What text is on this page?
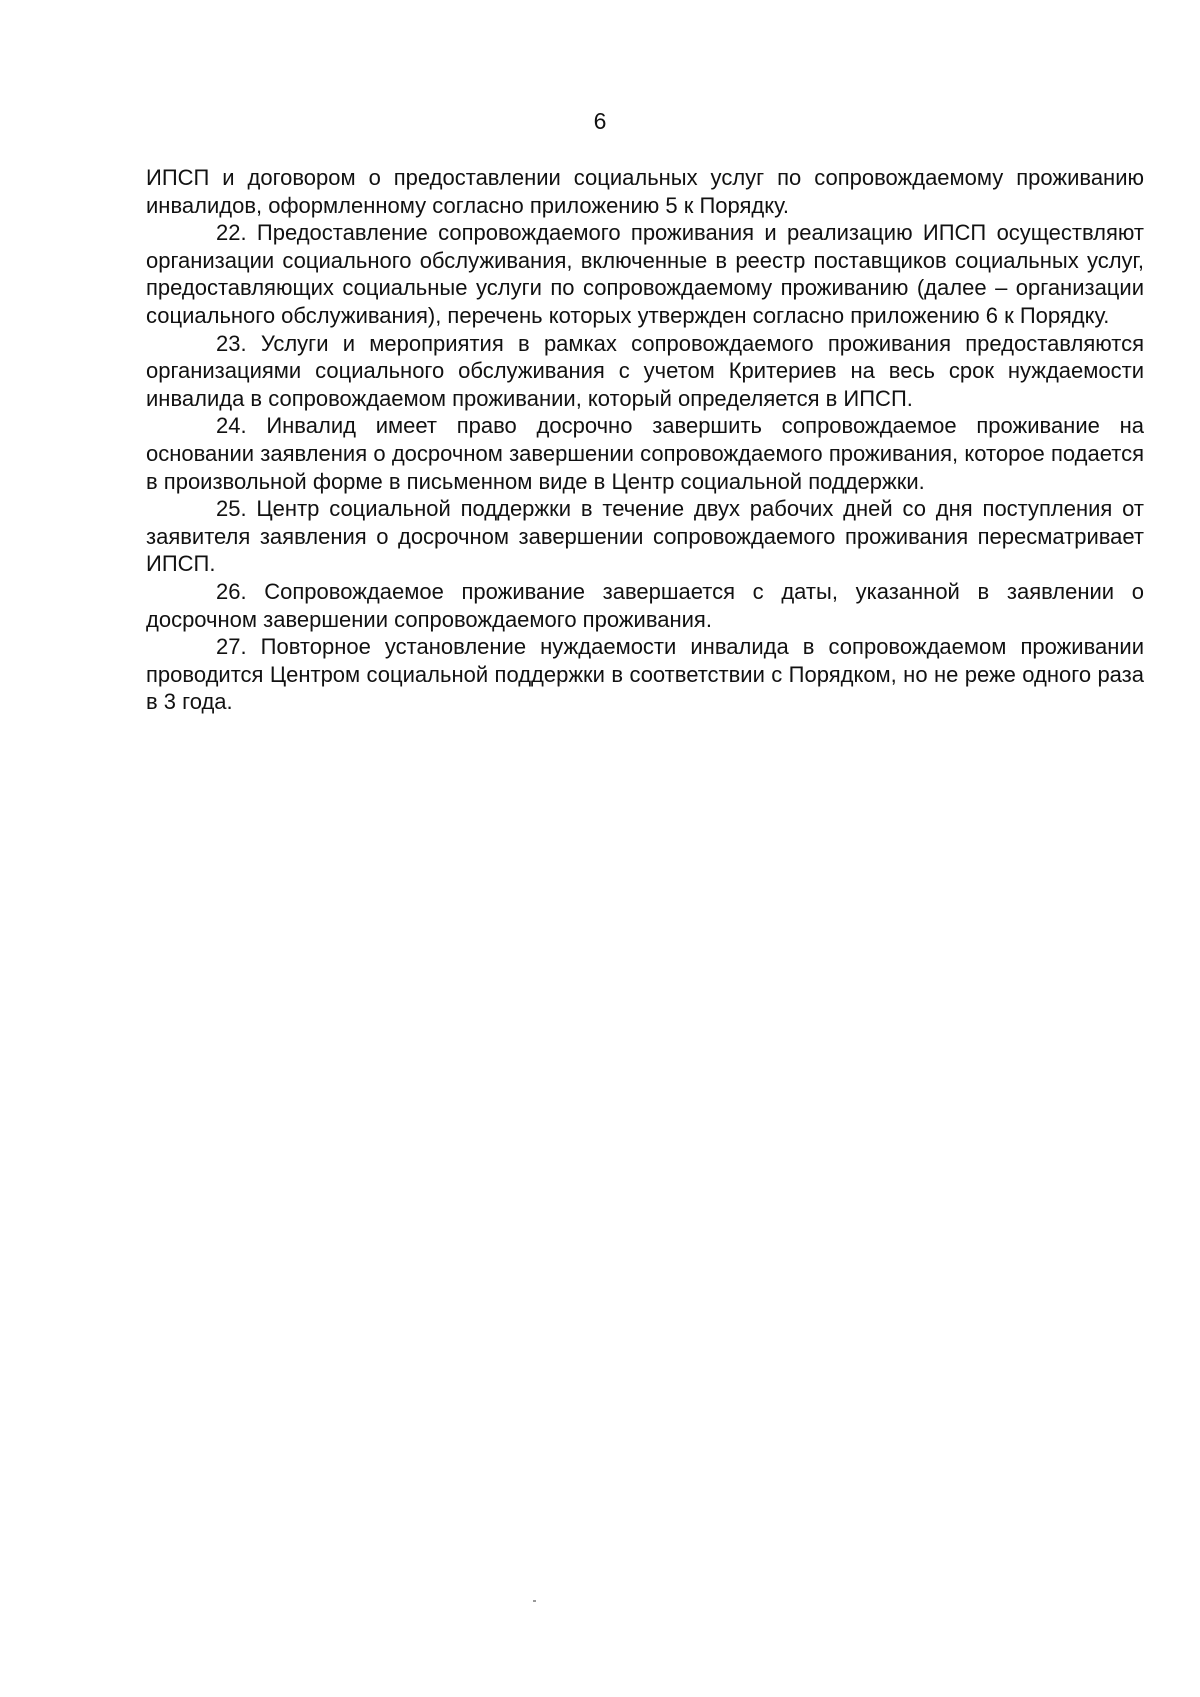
6

ИПСП и договором о предоставлении социальных услуг по сопровождаемому проживанию инвалидов, оформленному согласно приложению 5 к Порядку.

22. Предоставление сопровождаемого проживания и реализацию ИПСП осуществляют организации социального обслуживания, включенные в реестр поставщиков социальных услуг, предоставляющих социальные услуги по сопровождаемому проживанию (далее – организации социального обслуживания), перечень которых утвержден согласно приложению 6 к Порядку.

23. Услуги и мероприятия в рамках сопровождаемого проживания предоставляются организациями социального обслуживания с учетом Критериев на весь срок нуждаемости инвалида в сопровождаемом проживании, который определяется в ИПСП.

24. Инвалид имеет право досрочно завершить сопровождаемое проживание на основании заявления о досрочном завершении сопровождаемого проживания, которое подается в произвольной форме в письменном виде в Центр социальной поддержки.

25. Центр социальной поддержки в течение двух рабочих дней со дня поступления от заявителя заявления о досрочном завершении сопровождаемого проживания пересматривает ИПСП.

26. Сопровождаемое проживание завершается с даты, указанной в заявлении о досрочном завершении сопровождаемого проживания.

27. Повторное установление нуждаемости инвалида в сопровождаемом проживании проводится Центром социальной поддержки в соответствии с Порядком, но не реже одного раза в 3 года.
